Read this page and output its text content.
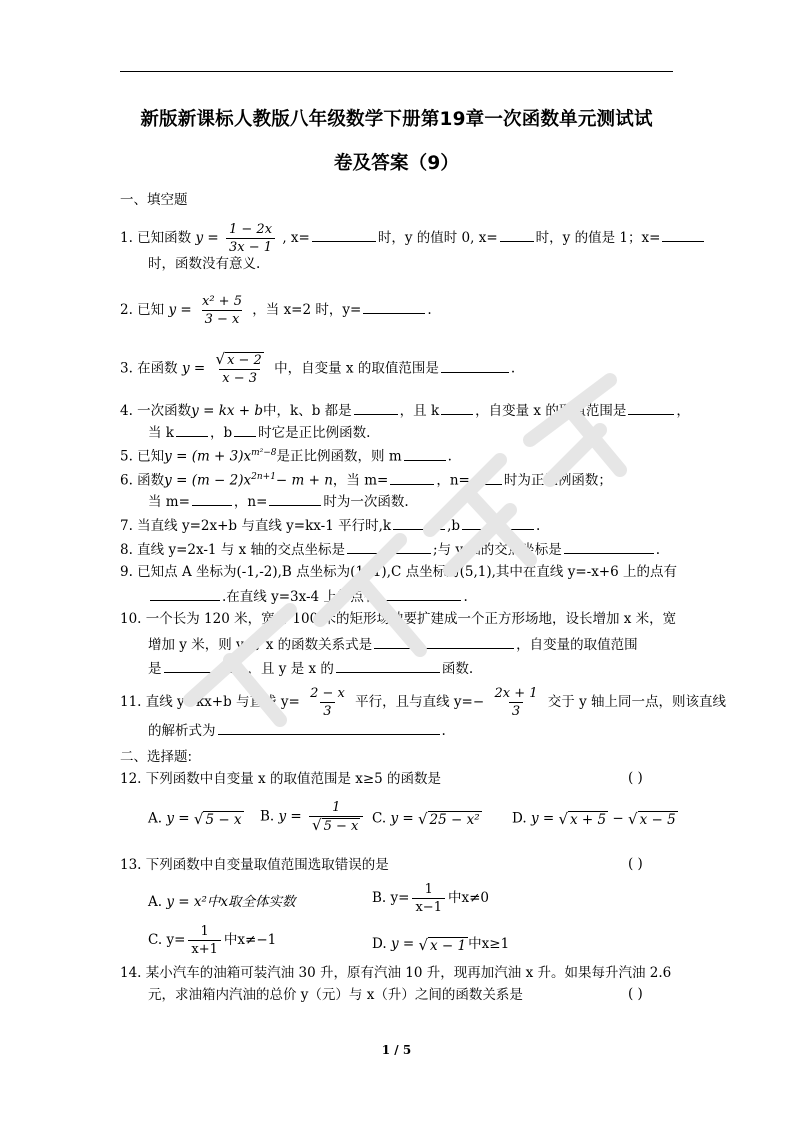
新版新课标人教版八年级数学下册第19章一次函数单元测试试
卷及答案（9）
一、填空题
1. 已知函数 $y = \frac{1 - 2x}{3x - 1}$ , x=	时，y 的值时 0, x=	时，y 的值是 1；x=
时，函数没有意义.
2. 已知 $y = \frac{\text{x² + 5}}{3 - x}$ ，当 x=2 时，y=	.
3. 在函数 $y = \frac{√ x - 2}{x - 3}$ 中，自变量 x 的取值范围是	.
4. 一次函数y = kx + b中，k、b 都是	，且 k	，自变量 x 的取值范围是	，
当 k	，b 时它是正比例函数.
5. 已知$y = (m + 3)x^{m^2-8}$是正比例函数，则 m	.
6. 函数$y = (m - 2)x^{2n+1}- m + n$，当 m=	，n=	时为正比例函数；
当 m=	，n=	时为一次函数.
7. 当直线 y=2x+b 与直线 y=kx-1 平行时,k	,b	.
8. 直线 y=2x-1 与 x 轴的交点坐标是	;与 y 轴的交点坐标是	.
9. 已知点 A 坐标为(-1,-2),B 点坐标为(1,-1),C 点坐标为(5,1),其中在直线 y=-x+6 上的点有
.在直线 y=3x-4 上的点有	.
10. 一个长为 120 米，宽为 100 米的矩形场地要扩建成一个正方形场地，设长增加 x 米，宽
增加 y 米，则 y 与 x 的函数关系式是	，自变量的取值范围
是	，且 y 是 x 的	函数.
11. 直线 y=kx+b 与直线 $y= \frac{2 - x}{3}$ 平行，且与直线 $y=- \frac{2x + 1}{3}$ 交于 y 轴上同一点，则该直线
的解析式为	.
二、选择题:
12. 下列函数中自变量 x 的取值范围是 x≥5 的函数是	( )
A. y = √ 5 − x B. $y = \frac{1}{√ 5 - x} C$. y = √ 25 − x² D. y = √ x + 5 − √ x − 5
13. 下列函数中自变量取值范围选取错误的是	( )
A. y = x²中x取全体实数	B. $y= \frac{1}{x-1}$ 中x≠0
C. $y= \frac{1}{x+1}$ 中x≠−1	D. y = √ x − 1 中x≥1
14. 某小汽车的油箱可装汽油 30 升，原有汽油 10 升，现再加汽油 x 升。如果每升汽油 2.6
元，求油箱内汽油的总价 y（元）与 x（升）之间的函数关系是	( )
1 / 5
